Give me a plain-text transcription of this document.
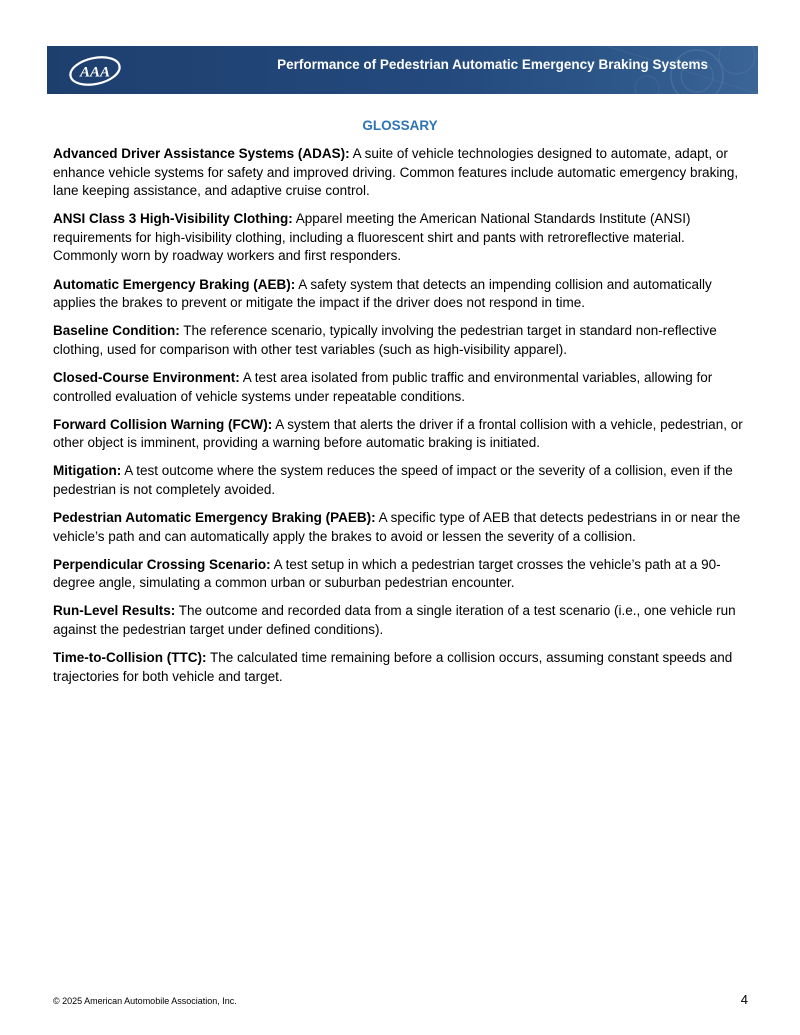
AAA	Performance of Pedestrian Automatic Emergency Braking Systems
GLOSSARY

Advanced Driver Assistance Systems (ADAS): A suite of vehicle technologies designed to automate, adapt, or enhance vehicle systems for safety and improved driving. Common features include automatic emergency braking, lane keeping assistance, and adaptive cruise control.

ANSI Class 3 High-Visibility Clothing: Apparel meeting the American National Standards Institute (ANSI) requirements for high-visibility clothing, including a fluorescent shirt and pants with retroreflective material. Commonly worn by roadway workers and first responders.

Automatic Emergency Braking (AEB): A safety system that detects an impending collision and automatically applies the brakes to prevent or mitigate the impact if the driver does not respond in time.

Baseline Condition: The reference scenario, typically involving the pedestrian target in standard non-reflective clothing, used for comparison with other test variables (such as high-visibility apparel).

Closed-Course Environment: A test area isolated from public traffic and environmental variables, allowing for controlled evaluation of vehicle systems under repeatable conditions.

Forward Collision Warning (FCW): A system that alerts the driver if a frontal collision with a vehicle, pedestrian, or other object is imminent, providing a warning before automatic braking is initiated.

Mitigation: A test outcome where the system reduces the speed of impact or the severity of a collision, even if the pedestrian is not completely avoided.

Pedestrian Automatic Emergency Braking (PAEB): A specific type of AEB that detects pedestrians in or near the vehicle’s path and can automatically apply the brakes to avoid or lessen the severity of a collision.

Perpendicular Crossing Scenario: A test setup in which a pedestrian target crosses the vehicle’s path at a 90-degree angle, simulating a common urban or suburban pedestrian encounter.

Run-Level Results: The outcome and recorded data from a single iteration of a test scenario (i.e., one vehicle run against the pedestrian target under defined conditions).

Time-to-Collision (TTC): The calculated time remaining before a collision occurs, assuming constant speeds and trajectories for both vehicle and target.

© 2025 American Automobile Association, Inc.	4
